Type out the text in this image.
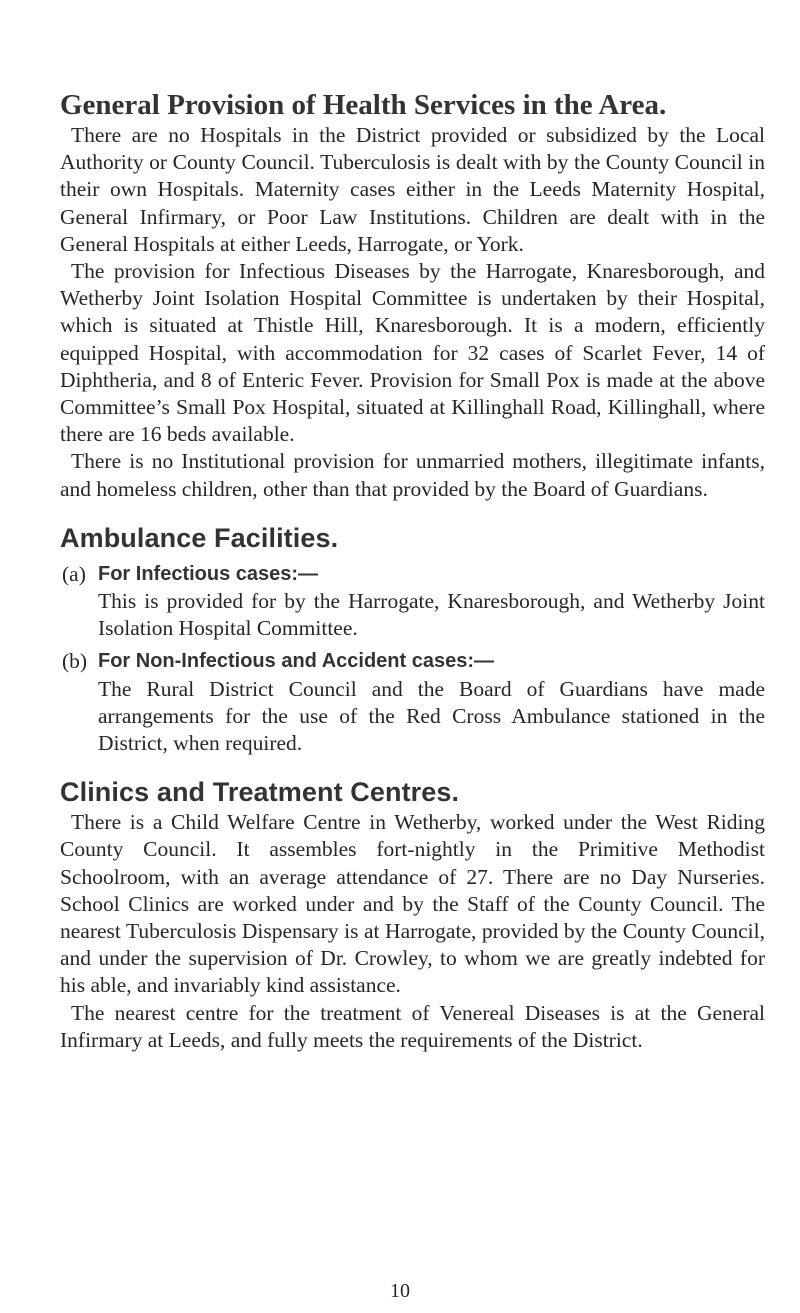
General Provision of Health Services in the Area.

There are no Hospitals in the District provided or subsidized by the Local Authority or County Council. Tuberculosis is dealt with by the County Council in their own Hospitals. Maternity cases either in the Leeds Maternity Hospital, General Infirmary, or Poor Law Institutions. Children are dealt with in the General Hospitals at either Leeds, Harrogate, or York.

The provision for Infectious Diseases by the Harrogate, Knaresborough, and Wetherby Joint Isolation Hospital Committee is undertaken by their Hospital, which is situated at Thistle Hill, Knaresborough. It is a modern, efficiently equipped Hospital, with accommodation for 32 cases of Scarlet Fever, 14 of Diphtheria, and 8 of Enteric Fever. Provision for Small Pox is made at the above Committee’s Small Pox Hospital, situated at Killinghall Road, Killinghall, where there are 16 beds available.

There is no Institutional provision for unmarried mothers, illegitimate infants, and homeless children, other than that provided by the Board of Guardians.

Ambulance Facilities.
(a) For Infectious cases:—
This is provided for by the Harrogate, Knaresborough, and Wetherby Joint Isolation Hospital Committee.
(b) For Non-Infectious and Accident cases:—
The Rural District Council and the Board of Guardians have made arrangements for the use of the Red Cross Ambulance stationed in the District, when required.
Clinics and Treatment Centres.

There is a Child Welfare Centre in Wetherby, worked under the West Riding County Council. It assembles fort-nightly in the Primitive Methodist Schoolroom, with an average attendance of 27. There are no Day Nurseries. School Clinics are worked under and by the Staff of the County Council. The nearest Tuberculosis Dispensary is at Harrogate, provided by the County Council, and under the supervision of Dr. Crowley, to whom we are greatly indebted for his able, and invariably kind assistance.

The nearest centre for the treatment of Venereal Diseases is at the General Infirmary at Leeds, and fully meets the requirements of the District.

10
